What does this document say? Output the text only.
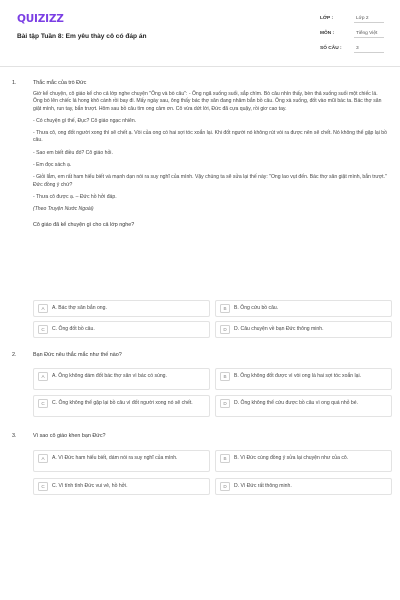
QUIZIZZ
Bài tập Tuần 8: Em yêu thày cô có đáp án
LỚP :	Lớp 2
MÔN :	Tiếng Việt
SỐ CÂU :	3
1.	Thắc mắc của trò Đức

Giờ kể chuyện, cô giáo kể cho cả lớp nghe chuyện "Ông và bò câu": - Ông ngã xuống suối, sắp chìm. Bò câu nhìn thấy, bèn thả xuống suối một chiếc lá. Ông bò lên chiếc lá hong khô cánh rồi bay đi. Mấy ngày sau, ông thấy bác thợ săn đang nhăm bắn bồ câu. Ông xà xuống, đốt vào mũi bác ta. Bác thợ săn giật mình, run tay, bắn trượt. Hôm sau bồ câu tìm ong cảm ơn. Cô vừa dứt lời, Đức đã cựa quậy, rồi giơ cao tay.

- Có chuyện gì thế, Đục? Cô giáo ngạc nhiên.

- Thưa cô, ong đốt người xong thì sẽ chết ạ. Vòi của ong có hai sợi tóc xoắn lại. Khi đốt người nó không rút vòi ra được nên sẽ chết. Nó không thể gặp lại bồ câu.

- Sao em biết điều đó? Cô giáo hỏi.

- Em đọc sách ạ.

- Giỏi lắm, em rất ham hiểu biết và mạnh dạn nói ra suy nghĩ của mình. Vậy chúng ta sẽ sửa lại thế này: "Ong lao vụt đến. Bác thợ săn giật mình, bắn trượt." Đức đồng ý chứ?

- Thưa cô được ạ. – Đức hồ hởi đáp.

(Theo Truyện Nước Ngoài)

Cô giáo đã kể chuyện gì cho cả lớp nghe?
A	A. Bác thợ săn bắn ong.	B	B. Ông cứu bồ câu.
C	C. Ông đốt bồ câu.	D	D. Câu chuyện về bạn Đức thông minh.
2.	Bạn Đức nêu thắc mắc như thế nào?
A	A. Ông không dám đốt bác thợ săn vì bác có súng.	B	B. Ông không đốt được vì vòi ong là hai sợi tóc xoắn lại.
C	C. Ông không thể gặp lại bồ câu vì đốt người xong nó sẽ chết.	D	D. Ông không thể cứu được bồ câu vì ong quá nhỏ bé.
3.	Vì sao cô giáo khen bạn Đức?
A	A. Vì Đức ham hiểu biết, dám nói ra suy nghĩ của mình.	B	B. Vì Đức cùng đồng ý sửa lại chuyện như của cô.
C	C. Vì tính tình Đức vui vẻ, hồ hởi.	D	D. Vì Đức rất thông minh.
